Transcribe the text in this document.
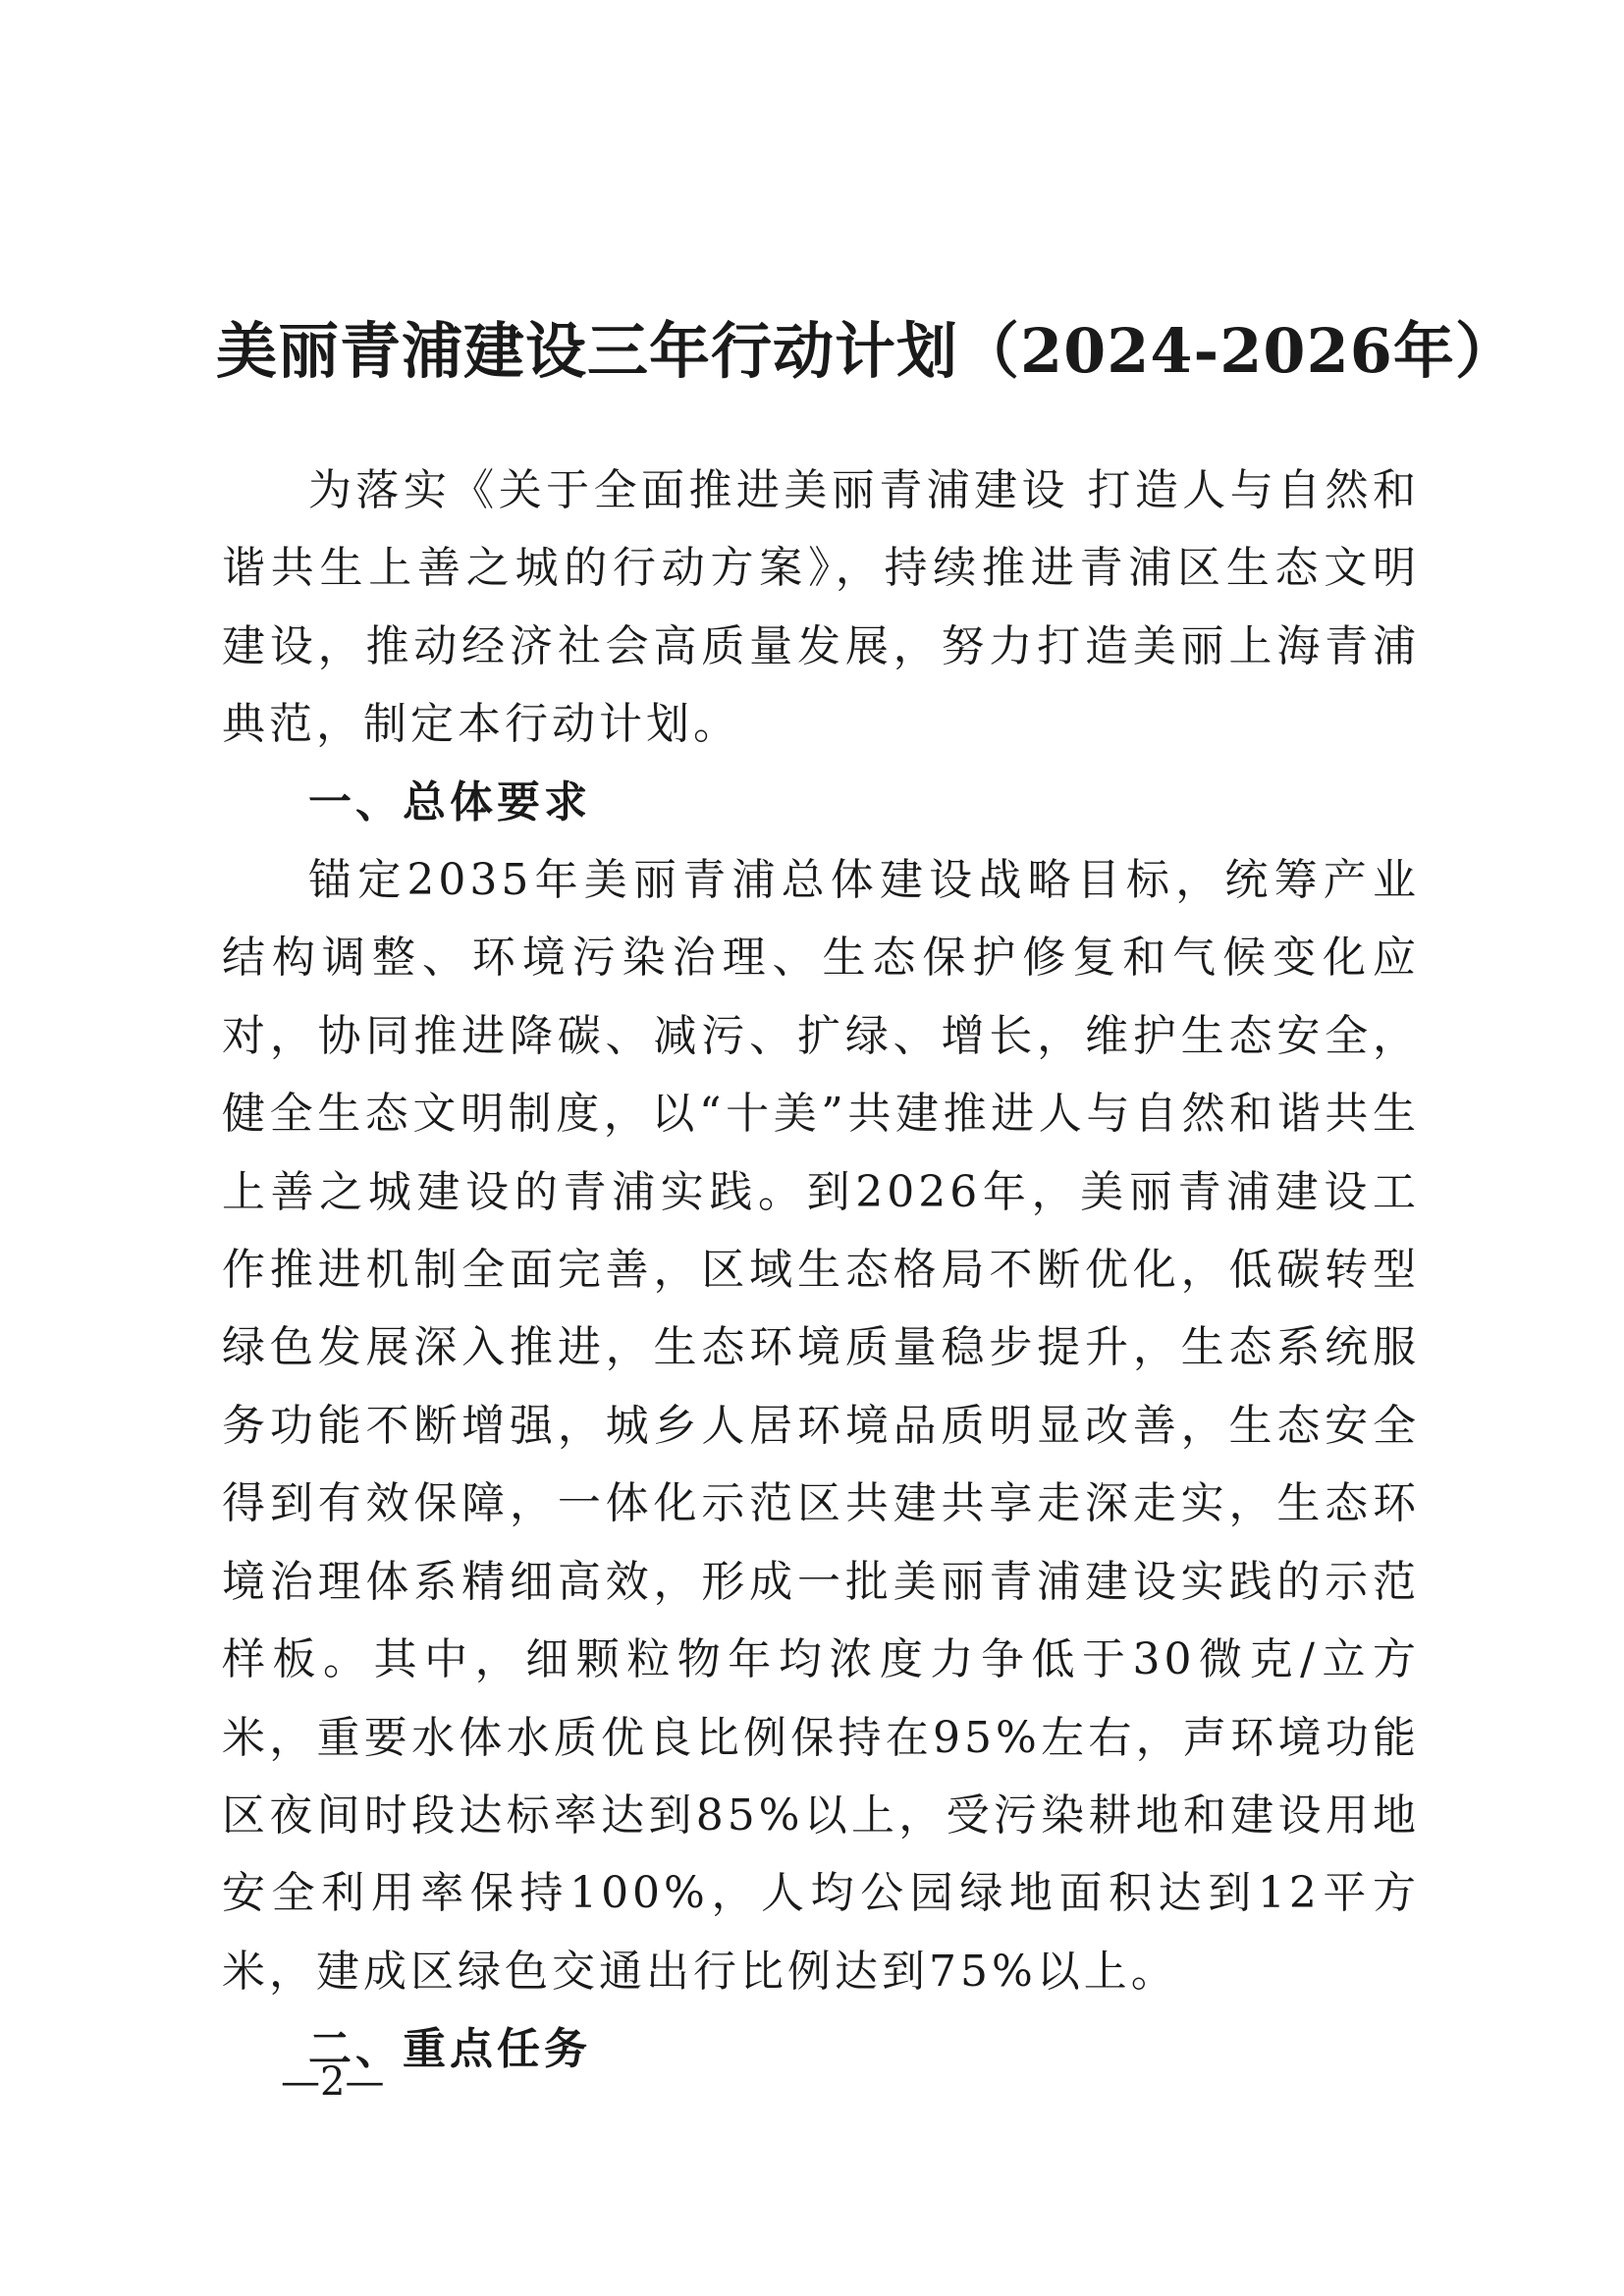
美丽青浦建设三年行动计划（2024-2026年）

为落实《关于全面推进美丽青浦建设 打造人与自然和谐共生上善之城的行动方案》，持续推进青浦区生态文明建设，推动经济社会高质量发展，努力打造美丽上海青浦典范，制定本行动计划。

一、总体要求

锚定2035年美丽青浦总体建设战略目标，统筹产业结构调整、环境污染治理、生态保护修复和气候变化应对，协同推进降碳、减污、扩绿、增长，维护生态安全，健全生态文明制度，以“十美”共建推进人与自然和谐共生上善之城建设的青浦实践。到2026年，美丽青浦建设工作推进机制全面完善，区域生态格局不断优化，低碳转型绿色发展深入推进，生态环境质量稳步提升，生态系统服务功能不断增强，城乡人居环境品质明显改善，生态安全得到有效保障，一体化示范区共建共享走深走实，生态环境治理体系精细高效，形成一批美丽青浦建设实践的示范样板。其中，细颗粒物年均浓度力争低于30微克/立方米，重要水体水质优良比例保持在95%左右，声环境功能区夜间时段达标率达到85%以上，受污染耕地和建设用地安全利用率保持100%，人均公园绿地面积达到12平方米，建成区绿色交通出行比例达到75%以上。

二、重点任务
—2—
